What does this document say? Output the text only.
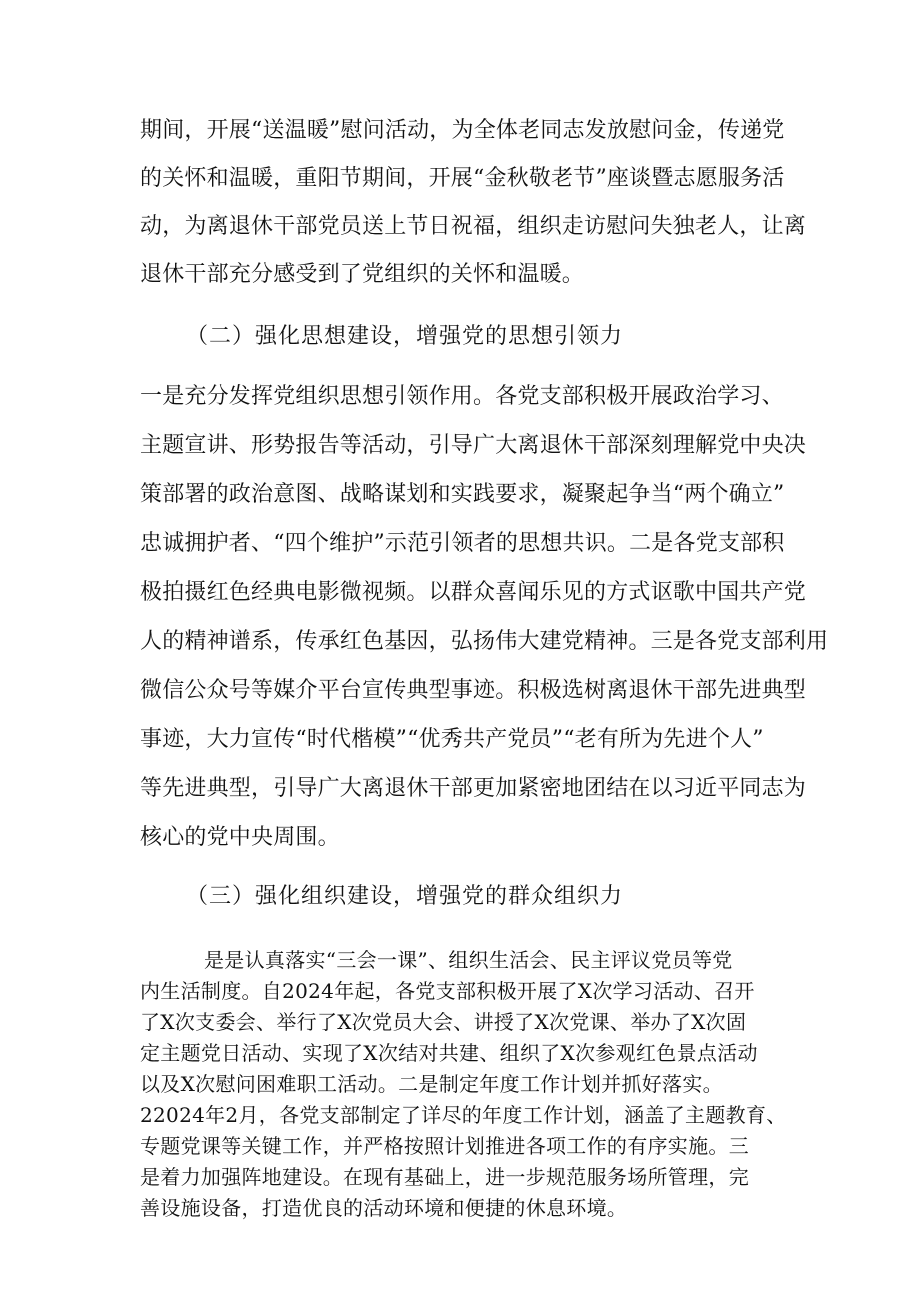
期间，开展“送温暖”慰问活动，为全体老同志发放慰问金，传递党
的关怀和温暖，重阳节期间，开展“金秋敬老节”座谈暨志愿服务活
动，为离退休干部党员送上节日祝福，组织走访慰问失独老人，让离
退休干部充分感受到了党组织的关怀和温暖。
（二）强化思想建设，增强党的思想引领力
一是充分发挥党组织思想引领作用。各党支部积极开展政治学习、
主题宣讲、形势报告等活动，引导广大离退休干部深刻理解党中央决
策部署的政治意图、战略谋划和实践要求，凝聚起争当“两个确立”
忠诚拥护者、“四个维护”示范引领者的思想共识。二是各党支部积
极拍摄红色经典电影微视频。以群众喜闻乐见的方式讴歌中国共产党
人的精神谱系，传承红色基因，弘扬伟大建党精神。三是各党支部利用
微信公众号等媒介平台宣传典型事迹。积极选树离退休干部先进典型
事迹，大力宣传“时代楷模”“优秀共产党员”“老有所为先进个人”
等先进典型，引导广大离退休干部更加紧密地团结在以习近平同志为
核心的党中央周围。
（三）强化组织建设，增强党的群众组织力
是是认真落实“三会一课”、组织生活会、民主评议党员等党
内生活制度。自2024年起，各党支部积极开展了X次学习活动、召开
了X次支委会、举行了X次党员大会、讲授了X次党课、举办了X次固
定主题党日活动、实现了X次结对共建、组织了X次参观红色景点活动
以及X次慰问困难职工活动。二是制定年度工作计划并抓好落实。
22024年2月，各党支部制定了详尽的年度工作计划，涵盖了主题教育、
专题党课等关键工作，并严格按照计划推进各项工作的有序实施。三
是着力加强阵地建设。在现有基础上，进一步规范服务场所管理，完
善设施设备，打造优良的活动环境和便捷的休息环境。
